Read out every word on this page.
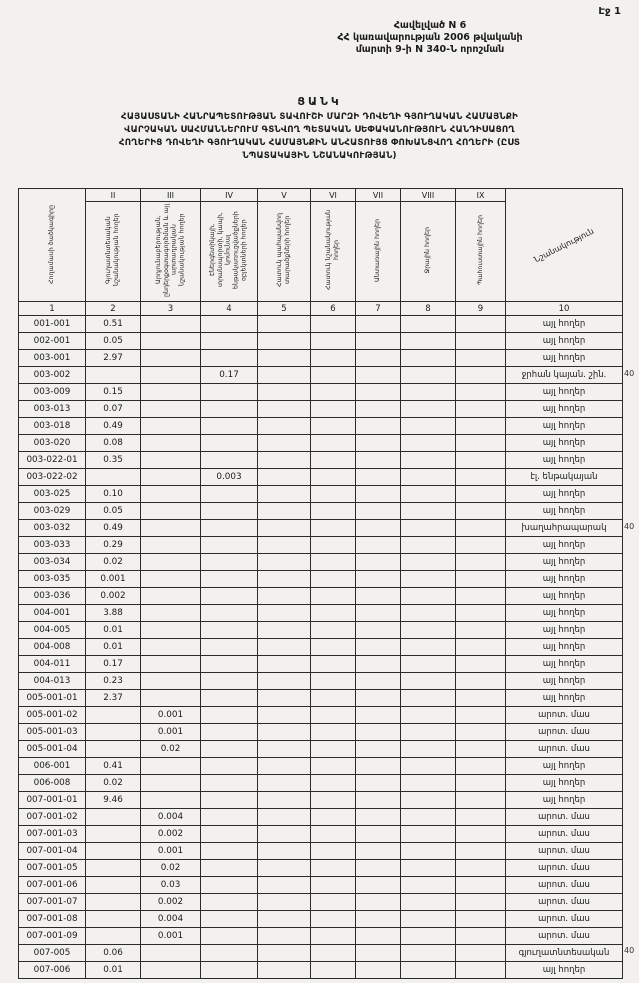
Էջ 1
Հավելված N 6
ՀՀ կառավարության 2006 թվականի
մարտի 9-ի N 340-Ն որոշման
ՑԱՆԿ
ՀԱՅԱՍՏԱՆԻ ՀԱՆՐԱՊԵՏՈՒԹՅԱՆ ՏԱՎՈՒՇԻ ՄԱՐԶԻ ԴՈՎԵՂԻ ԳՅՈՒՂԱԿԱՆ ՀԱՄԱՅՆՔԻ
ՎԱՐՉԱԿԱՆ ՍԱՀՄԱՆՆԵՐՈՒՄ ԳՏՆՎՈՂ ՊԵՏԱԿԱՆ ՍԵՓԱԿԱՆՈՒԹՅՈՒՆ ՀԱՆԴԻՍԱՑՈՂ
ՀՈՂԵՐԻՑ ԴՈՎԵՂԻ ԳՅՈՒՂԱԿԱՆ ՀԱՄԱՅՆՔԻՆ ԱՆՀԱՏՈՒՅՑ ՓՈԽԱՆՑՎՈՂ ՀՈՂԵՐԻ (ԸՍՏ
ՆՊԱՏԱԿԱՅԻՆ ՆՇԱՆԱԿՈՒԹՅԱՆ)
Հողամասի ծածկագիրը	II	III	IV	V	VI	VII	VIII	IX	Նշանակություն
	Գյուղատնտեսական նշանակության հողեր	Արդյունաբերության, ընդերքօգտագործման և այլ արտադրական նշանակության հողեր	Էներգետիկայի, տրանսպորտի, կապի, կոմունալ ենթակառուցվածքների օբյեկտների հողեր	Հատուկ պահպանվող տարածքների հողեր	Հատուկ նշանակության հողեր	Անտառային հողեր	Ջրային հողեր	Պահուստային հողեր	
1	2	3	4	5	6	7	8	9	10
001-001	0.51								այլ հողեր
002-001	0.05								այլ հողեր
003-001	2.97								այլ հողեր
003-002			0.17						ջրհան կայան. շին.
003-009	0.15								այլ հողեր
003-013	0.07								այլ հողեր
003-018	0.49								այլ հողեր
003-020	0.08								այլ հողեր
003-022-01	0.35								այլ հողեր
003-022-02			0.003						էլ. ենթակայան
003-025	0.10								այլ հողեր
003-029	0.05								այլ հողեր
003-032	0.49								խաղահրապարակ
003-033	0.29								այլ հողեր
003-034	0.02								այլ հողեր
003-035	0.001								այլ հողեր
003-036	0.002								այլ հողեր
004-001	3.88								այլ հողեր
004-005	0.01								այլ հողեր
004-008	0.01								այլ հողեր
004-011	0.17								այլ հողեր
004-013	0.23								այլ հողեր
005-001-01	2.37								այլ հողեր
005-001-02		0.001							արոտ. մաս
005-001-03		0.001							արոտ. մաս
005-001-04		0.02							արոտ. մաս
006-001	0.41								այլ հողեր
006-008	0.02								այլ հողեր
007-001-01	9.46								այլ հողեր
007-001-02		0.004							արոտ. մաս
007-001-03		0.002							արոտ. մաս
007-001-04		0.001							արոտ. մաս
007-001-05		0.02							արոտ. մաս
007-001-06		0.03							արոտ. մաս
007-001-07		0.002							արոտ. մաս
007-001-08		0.004							արոտ. մաս
007-001-09		0.001							արոտ. մաս
007-005	0.06								գյուղատնտեսական
007-006	0.01								այլ հողեր
40
40
40
